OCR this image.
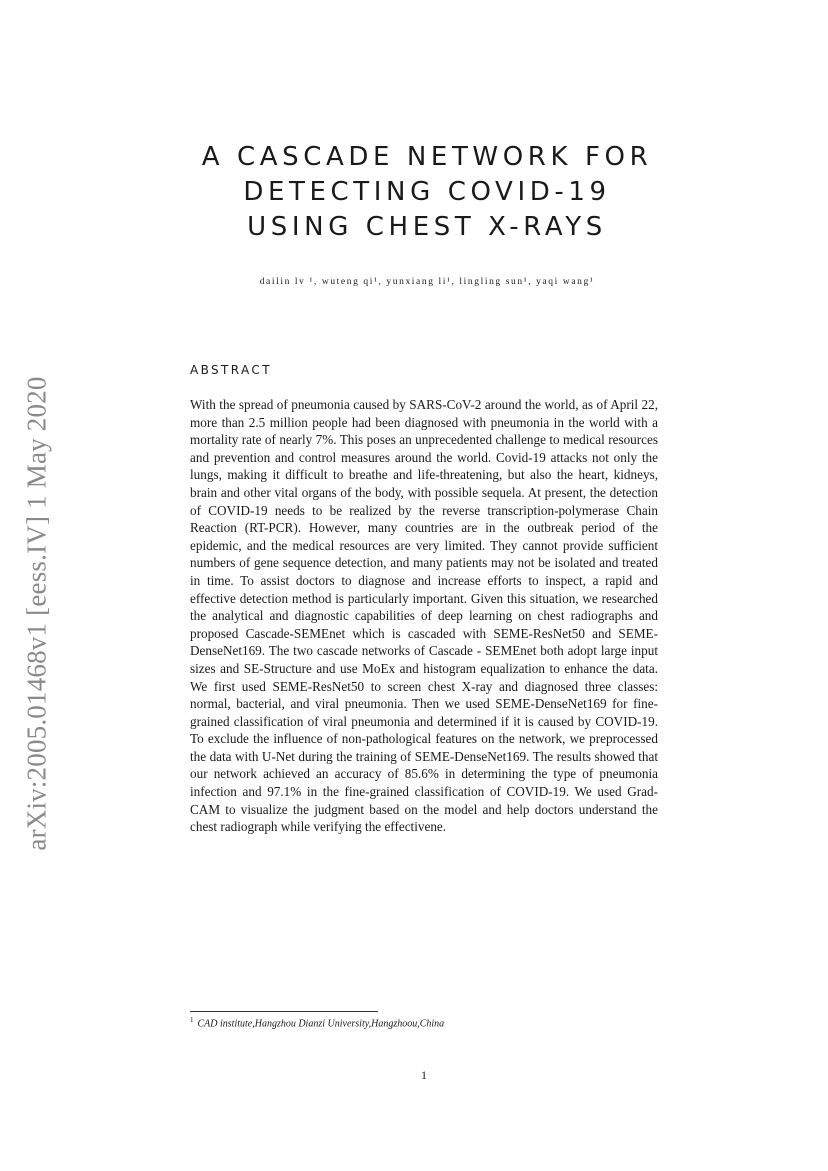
arXiv:2005.01468v1 [eess.IV] 1 May 2020
A CASCADE NETWORK FOR
DETECTING COVID-19
USING CHEST X-RAYS

dailin lv ¹, wuteng qi¹, yunxiang li¹, lingling sun¹, yaqi wang¹

ABSTRACT

With the spread of pneumonia caused by SARS-CoV-2 around the world, as of April 22, more than 2.5 million people had been diagnosed with pneumonia in the world with a mortality rate of nearly 7%. This poses an unprecedented challenge to medical resources and prevention and control measures around the world. Covid-19 attacks not only the lungs, making it difficult to breathe and life-threatening, but also the heart, kidneys, brain and other vital organs of the body, with possible sequela. At present, the detection of COVID-19 needs to be realized by the reverse transcription-polymerase Chain Reaction (RT-PCR). However, many countries are in the outbreak period of the epidemic, and the medical resources are very limited. They cannot provide sufficient numbers of gene sequence detection, and many patients may not be isolated and treated in time. To assist doctors to diagnose and increase efforts to inspect, a rapid and effective detection method is particularly important. Given this situation, we researched the analytical and diagnostic capabilities of deep learning on chest radiographs and proposed Cascade-SEMEnet which is cascaded with SEME-ResNet50 and SEME-DenseNet169. The two cascade networks of Cascade - SEMEnet both adopt large input sizes and SE-Structure and use MoEx and histogram equalization to enhance the data. We first used SEME-ResNet50 to screen chest X-ray and diagnosed three classes: normal, bacterial, and viral pneumonia. Then we used SEME-DenseNet169 for fine-grained classification of viral pneumonia and determined if it is caused by COVID-19. To exclude the influence of non-pathological features on the network, we preprocessed the data with U-Net during the training of SEME-DenseNet169. The results showed that our network achieved an accuracy of 85.6% in determining the type of pneumonia infection and 97.1% in the fine-grained classification of COVID-19. We used Grad-CAM to visualize the judgment based on the model and help doctors understand the chest radiograph while verifying the effectivene.

$^1$ CAD institute,Hangzhou Dianzi University,Hangzhoou,China

1
